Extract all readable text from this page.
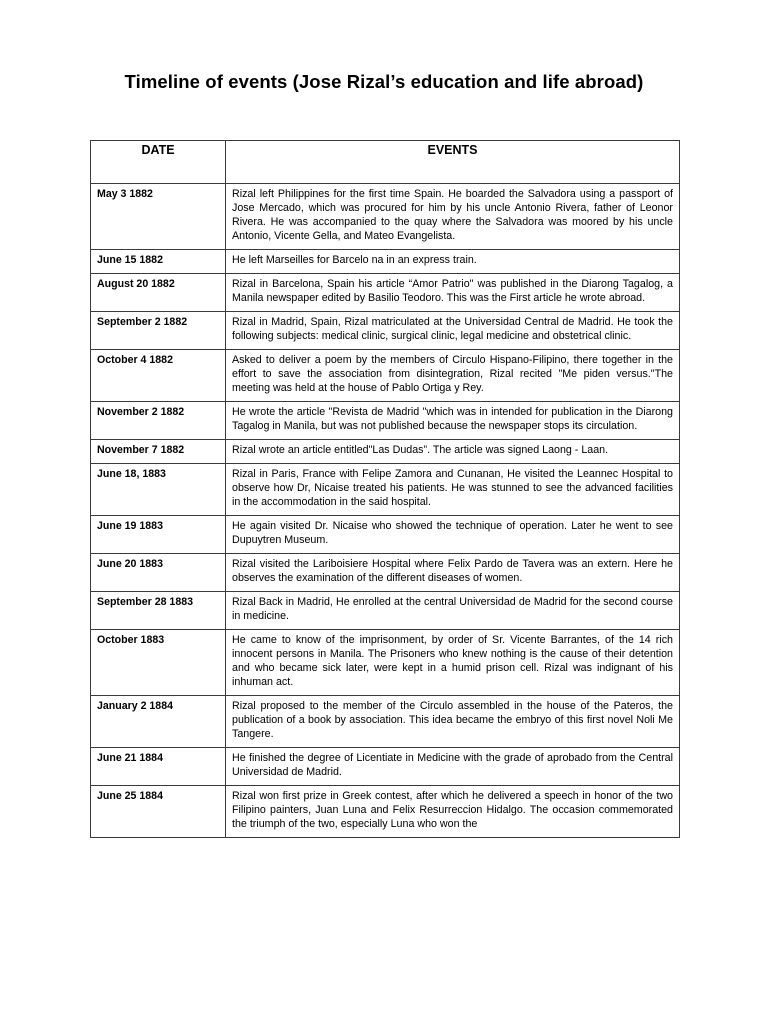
Timeline of events (Jose Rizal’s education and life abroad)
DATE	EVENTS
May 3 1882	Rizal left Philippines for the first time Spain. He boarded the Salvadora using a passport of Jose Mercado, which was procured for him by his uncle Antonio Rivera, father of Leonor Rivera. He was accompanied to the quay where the Salvadora was moored by his uncle Antonio, Vicente Gella, and Mateo Evangelista.
June 15 1882	He left Marseilles for Barcelo na in an express train.
August 20 1882	Rizal in Barcelona, Spain his article “Amor Patrio" was published in the Diarong Tagalog, a Manila newspaper edited by Basilio Teodoro. This was the First article he wrote abroad.
September 2 1882	Rizal in Madrid, Spain, Rizal matriculated at the Universidad Central de Madrid. He took the following subjects: medical clinic, surgical clinic, legal medicine and obstetrical clinic.
October 4 1882	Asked to deliver a poem by the members of Circulo Hispano-Filipino, there together in the effort to save the association from disintegration, Rizal recited "Me piden versus."The meeting was held at the house of Pablo Ortiga y Rey.
November 2 1882	He wrote the article "Revista de Madrid "which was in intended for publication in the Diarong Tagalog in Manila, but was not published because the newspaper stops its circulation.
November 7 1882	Rizal wrote an article entitled"Las Dudas”. The article was signed Laong - Laan.
June 18, 1883	Rizal in Paris, France with Felipe Zamora and Cunanan, He visited the Leannec Hospital to observe how Dr, Nicaise treated his patients. He was stunned to see the advanced facilities in the accommodation in the said hospital.
June 19 1883	He again visited Dr. Nicaise who showed the technique of operation. Later he went to see Dupuytren Museum.
June 20 1883	Rizal visited the Lariboisiere Hospital where Felix Pardo de Tavera was an extern. Here he observes the examination of the different diseases of women.
September 28 1883	Rizal Back in Madrid, He enrolled at the central Universidad de Madrid for the second course in medicine.
October 1883	He came to know of the imprisonment, by order of Sr. Vicente Barrantes, of the 14 rich innocent persons in Manila. The Prisoners who knew nothing is the cause of their detention and who became sick later, were kept in a humid prison cell. Rizal was indignant of his inhuman act.
January 2 1884	Rizal proposed to the member of the Circulo assembled in the house of the Pateros, the publication of a book by association. This idea became the embryo of this first novel Noli Me Tangere.
June 21 1884	He finished the degree of Licentiate in Medicine with the grade of aprobado from the Central Universidad de Madrid.
June 25 1884	Rizal won first prize in Greek contest, after which he delivered a speech in honor of the two Filipino painters, Juan Luna and Felix Resurreccion Hidalgo. The occasion commemorated the triumph of the two, especially Luna who won the
